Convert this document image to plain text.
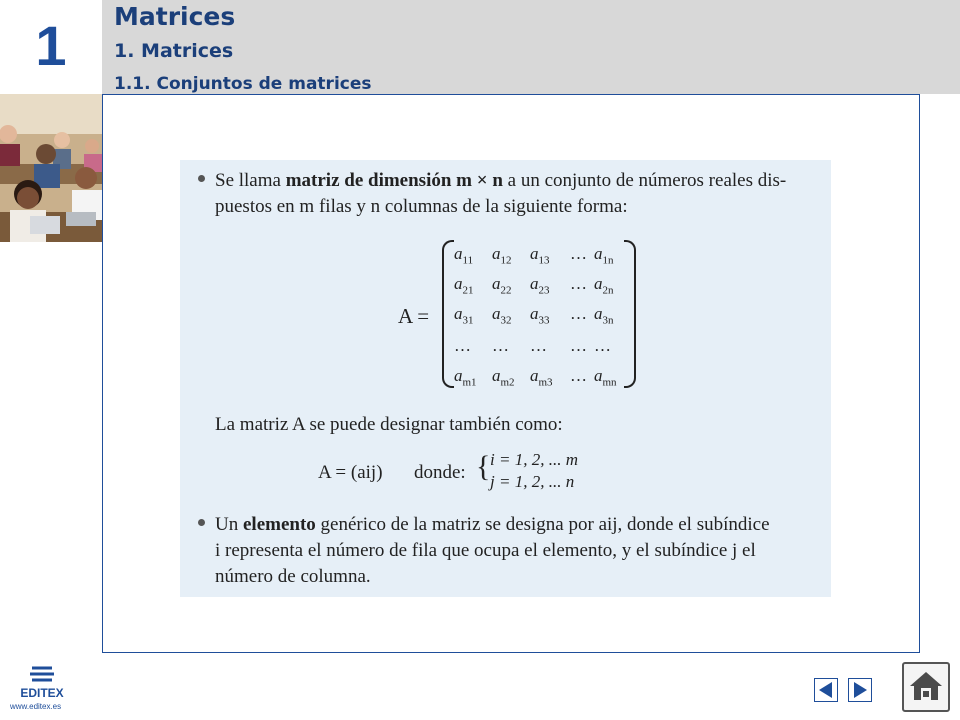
1	Matrices
1. Matrices
1.1. Conjuntos de matrices
Se llama matriz de dimensión m × n a un conjunto de números reales dis-
puestos en m filas y n columnas de la siguiente forma:
A =
$a_{11}$ $a_{12}$ $a_{13}$ … $a_{1n}$
$a_{21}$ $a_{22}$ $a_{23}$ … $a_{2n}$
$a_{31}$ $a_{32}$ $a_{33}$ … $a_{3n}$
… … … … …
$a_{m1}$ $a_{m2}$ $a_{m3}$ … $a_{mn}$
La matriz A se puede designar también como:
A = (aij) donde: { i = 1, 2, ... m
j = 1, 2, ... n
Un elemento genérico de la matriz se designa por aij, donde el subíndice
i representa el número de fila que ocupa el elemento, y el subíndice j el
número de columna.
EDITEX
www.editex.es
